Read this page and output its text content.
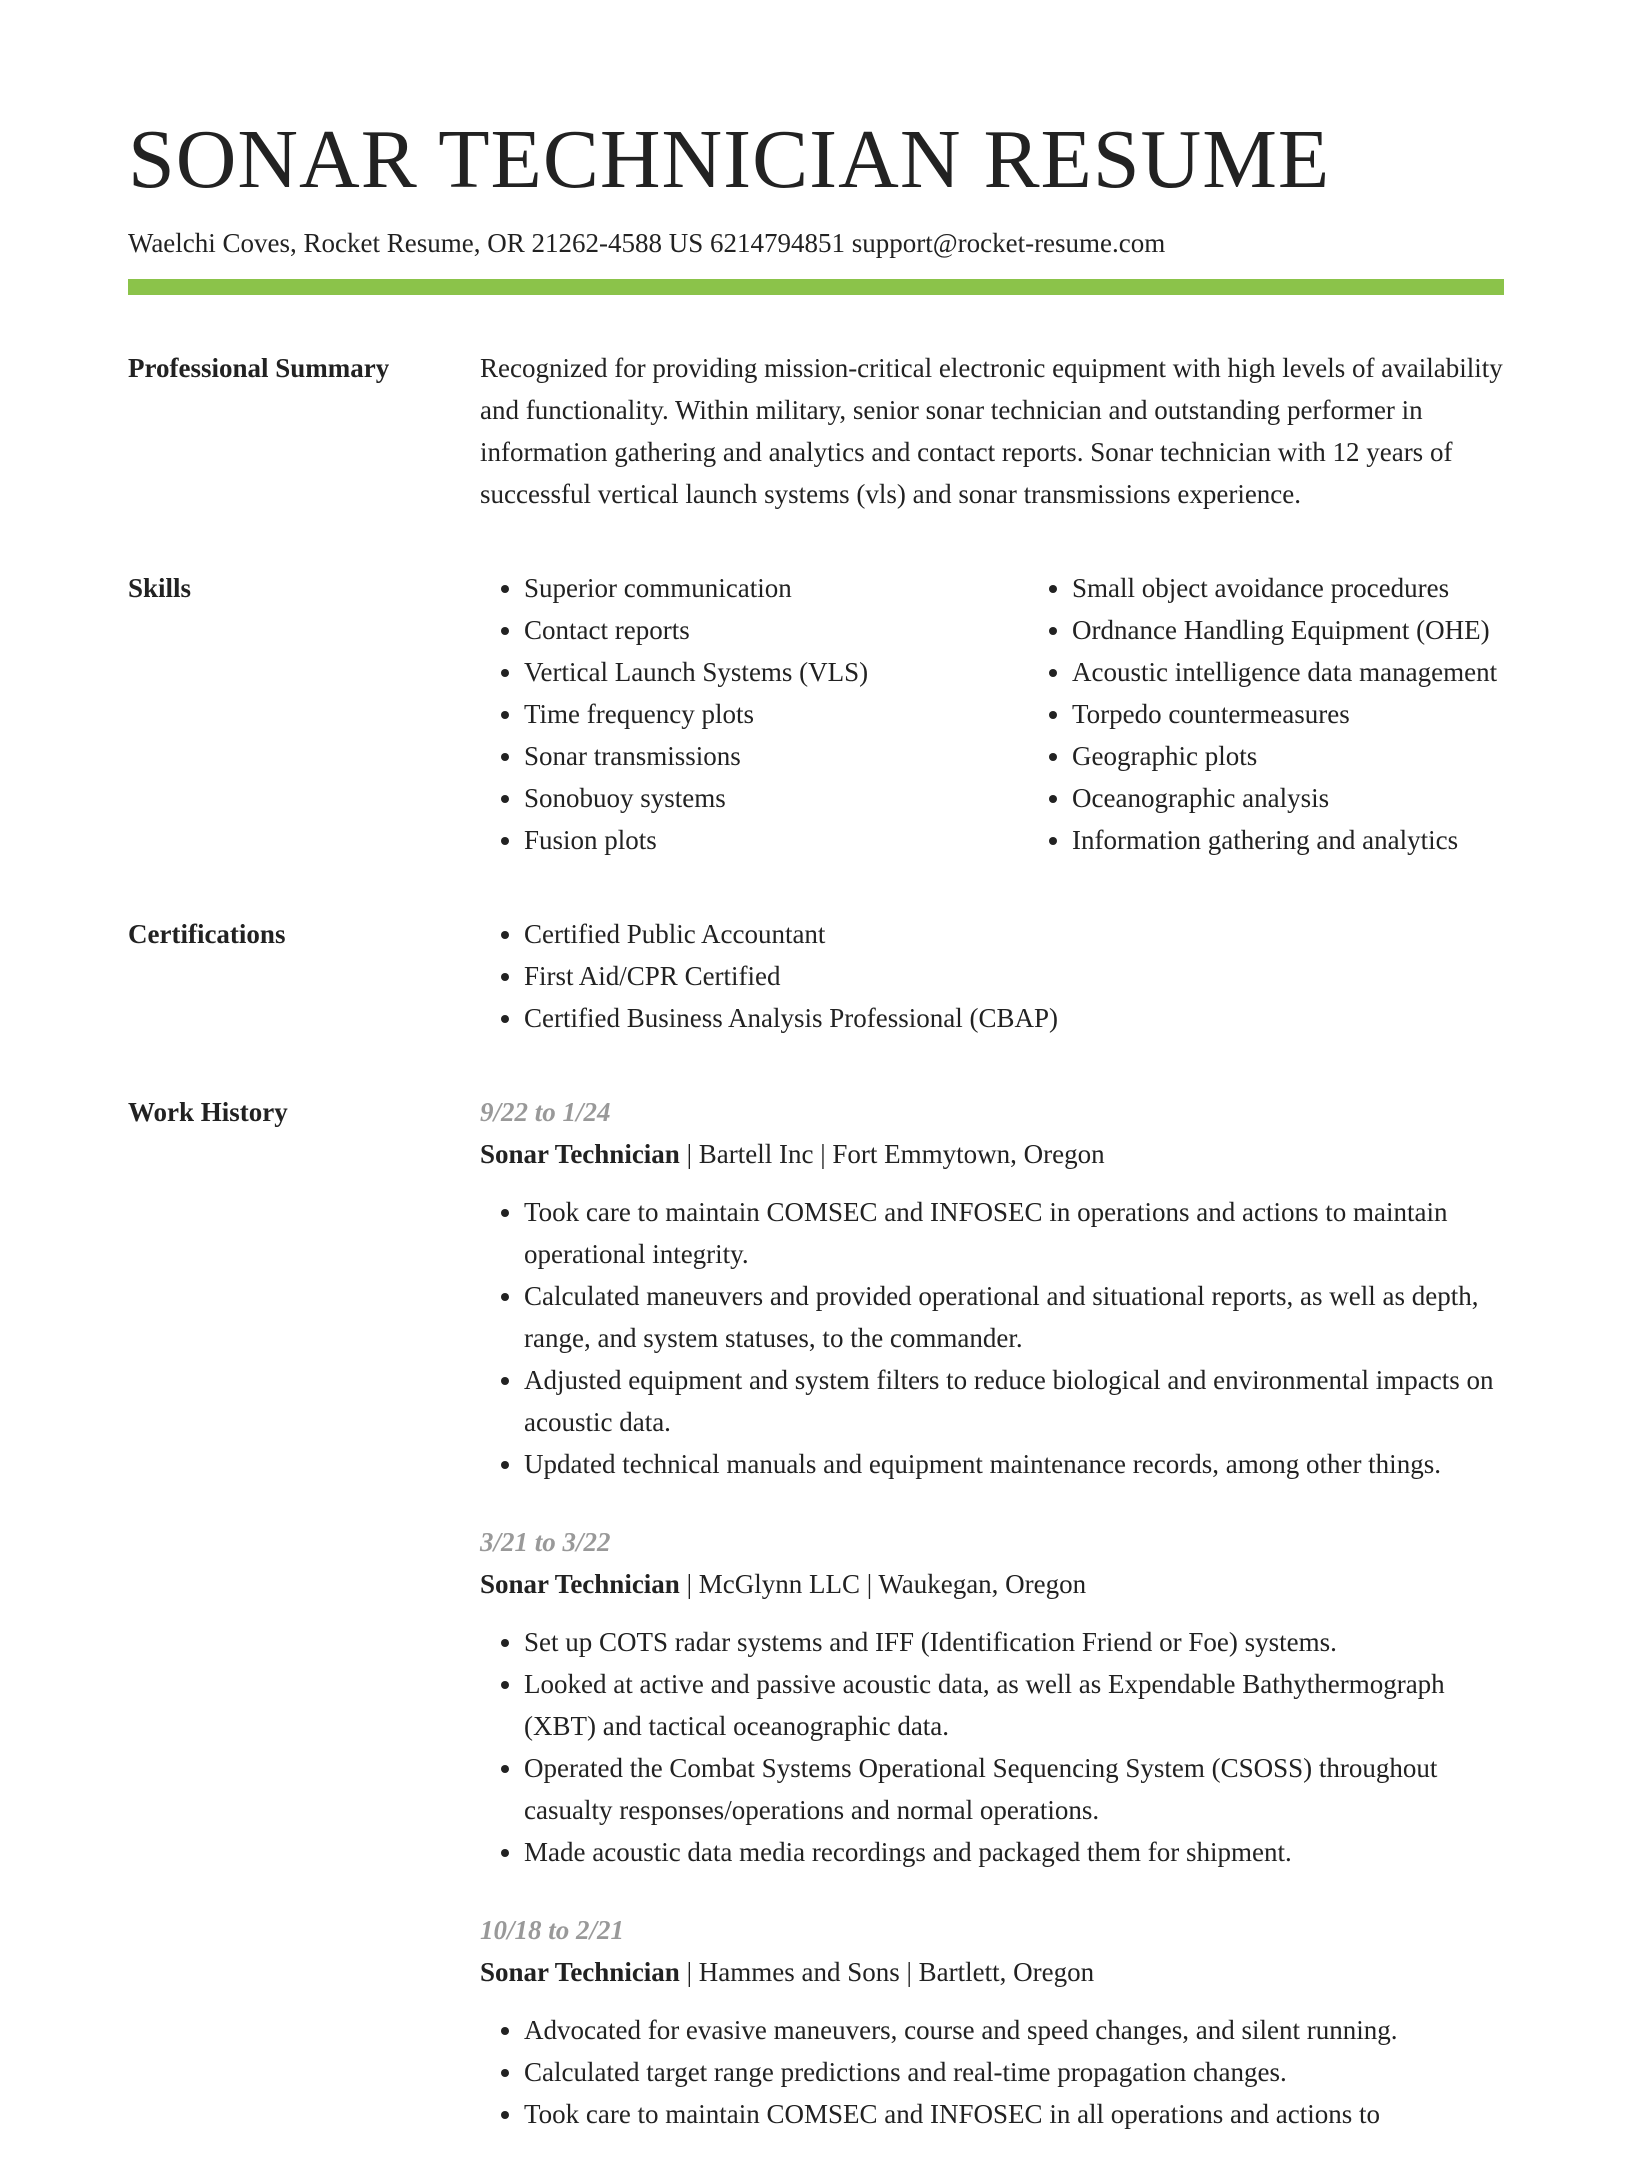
SONAR TECHNICIAN RESUME
Waelchi Coves, Rocket Resume, OR 21262-4588 US 6214794851 support@rocket-resume.com
Professional Summary	Recognized for providing mission-critical electronic equipment with high levels of availability and functionality. Within military, senior sonar technician and outstanding performer in information gathering and analytics and contact reports. Sonar technician with 12 years of successful vertical launch systems (vls) and sonar transmissions experience.

Skills	• Superior communication
• Contact reports
• Vertical Launch Systems (VLS)
• Time frequency plots
• Sonar transmissions
• Sonobuoy systems
• Fusion plots
• Small object avoidance procedures
• Ordnance Handling Equipment (OHE)
• Acoustic intelligence data management
• Torpedo countermeasures
• Geographic plots
• Oceanographic analysis
• Information gathering and analytics
Certifications	• Certified Public Accountant
• First Aid/CPR Certified
• Certified Business Analysis Professional (CBAP)
Work History	9/22 to 1/24
Sonar Technician | Bartell Inc | Fort Emmytown, Oregon
• Took care to maintain COMSEC and INFOSEC in operations and actions to maintain operational integrity.
• Calculated maneuvers and provided operational and situational reports, as well as depth, range, and system statuses, to the commander.
• Adjusted equipment and system filters to reduce biological and environmental impacts on acoustic data.
• Updated technical manuals and equipment maintenance records, among other things.
3/21 to 3/22
Sonar Technician | McGlynn LLC | Waukegan, Oregon
• Set up COTS radar systems and IFF (Identification Friend or Foe) systems.
• Looked at active and passive acoustic data, as well as Expendable Bathythermograph (XBT) and tactical oceanographic data.
• Operated the Combat Systems Operational Sequencing System (CSOSS) throughout casualty responses/operations and normal operations.
• Made acoustic data media recordings and packaged them for shipment.
10/18 to 2/21
Sonar Technician | Hammes and Sons | Bartlett, Oregon
• Advocated for evasive maneuvers, course and speed changes, and silent running.
• Calculated target range predictions and real-time propagation changes.
• Took care to maintain COMSEC and INFOSEC in all operations and actions to
